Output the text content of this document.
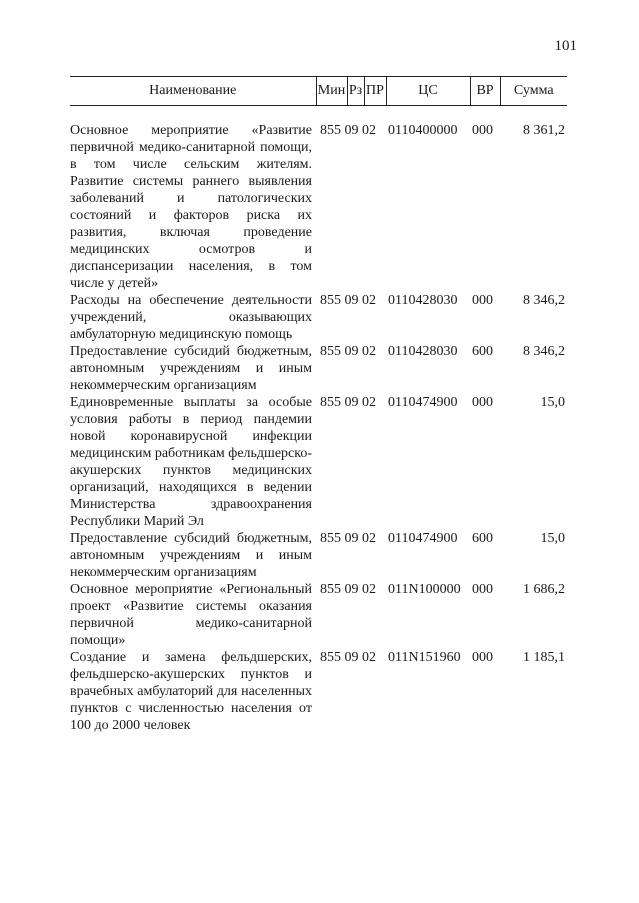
101
Наименование	Мин	Рз	ПР	ЦС	ВР	Сумма

Основное мероприятие «Развитие первичной медико-санитарной помощи, в том числе сельским жителям. Развитие системы раннего выявления заболеваний и патологических состояний и факторов риска их развития, включая проведение медицинских осмотров и диспансеризации населения, в том числе у детей»	855 09 02			0110400000	000	8 361,2
Расходы на обеспечение деятельности учреждений, оказывающих амбулаторную медицинскую помощь	855 09 02			0110428030	000	8 346,2
Предоставление субсидий бюджетным, автономным учреждениям и иным некоммерческим организациям	855 09 02			0110428030	600	8 346,2
Единовременные выплаты за особые условия работы в период пандемии новой коронавирусной инфекции медицинским работникам фельдшерско-акушерских пунктов медицинских организаций, находящихся в ведении Министерства здравоохранения Республики Марий Эл	855 09 02			0110474900	000	15,0
Предоставление субсидий бюджетным, автономным учреждениям и иным некоммерческим организациям	855 09 02			0110474900	600	15,0
Основное мероприятие «Региональный проект «Развитие системы оказания первичной медико-санитарной помощи»	855 09 02			011N100000	000	1 686,2
Создание и замена фельдшерских, фельдшерско-акушерских пунктов и врачебных амбулаторий для населенных пунктов с численностью населения от 100 до 2000 человек	855 09 02			011N151960	000	1 185,1
